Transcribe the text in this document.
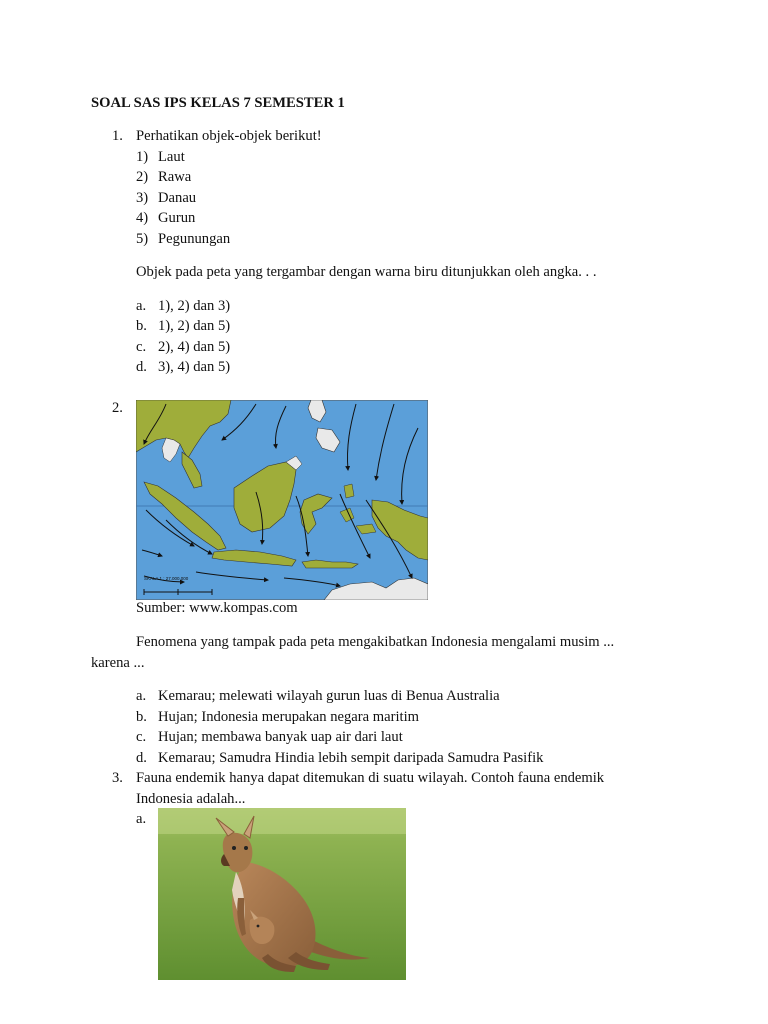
SOAL SAS IPS KELAS 7 SEMESTER 1
1. Perhatikan objek-objek berikut!
1) Laut
2) Rawa
3) Danau
4) Gurun
5) Pegunungan
Objek pada peta yang tergambar dengan warna biru ditunjukkan oleh angka. . .
a. 1), 2) dan 3)
b. 1), 2) dan 5)
c. 2), 4) dan 5)
d. 3), 4) dan 5)
2.
SKALA 1 : 27.000.000
Sumber: www.kompas.com
Fenomena yang tampak pada peta mengakibatkan Indonesia mengalami musim ...
karena ...
a. Kemarau; melewati wilayah gurun luas di Benua Australia
b. Hujan; Indonesia merupakan negara maritim
c. Hujan; membawa banyak uap air dari laut
d. Kemarau; Samudra Hindia lebih sempit daripada Samudra Pasifik
3. Fauna endemik hanya dapat ditemukan di suatu wilayah. Contoh fauna endemik
Indonesia adalah...
a.
